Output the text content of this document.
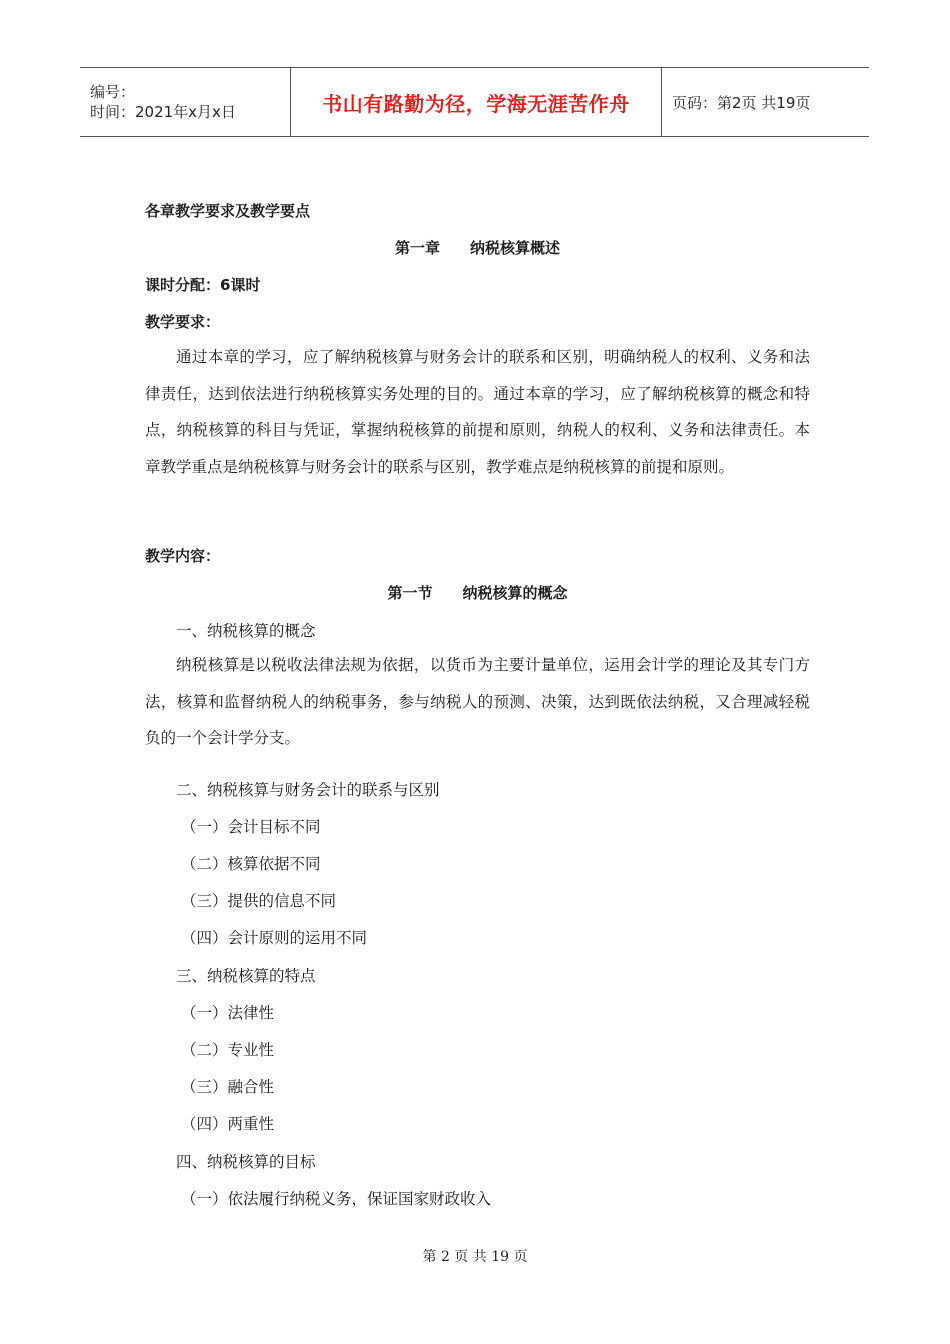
编号：
时间：2021年x月x日	书山有路勤为径，学海无涯苦作舟	页码：第2页 共19页
各章教学要求及教学要点
第一章　　纳税核算概述
课时分配：6课时
教学要求：
通过本章的学习，应了解纳税核算与财务会计的联系和区别，明确纳税人的权利、义务和法律责任，达到依法进行纳税核算实务处理的目的。通过本章的学习，应了解纳税核算的概念和特点，纳税核算的科目与凭证，掌握纳税核算的前提和原则，纳税人的权利、义务和法律责任。本章教学重点是纳税核算与财务会计的联系与区别，教学难点是纳税核算的前提和原则。
教学内容：
第一节　　纳税核算的概念
一、纳税核算的概念
纳税核算是以税收法律法规为依据，以货币为主要计量单位，运用会计学的理论及其专门方法，核算和监督纳税人的纳税事务，参与纳税人的预测、决策，达到既依法纳税，又合理减轻税负的一个会计学分支。
二、纳税核算与财务会计的联系与区别
（一）会计目标不同
（二）核算依据不同
（三）提供的信息不同
（四）会计原则的运用不同
三、纳税核算的特点
（一）法律性
（二）专业性
（三）融合性
（四）两重性
四、纳税核算的目标
（一）依法履行纳税义务，保证国家财政收入
第 2 页 共 19 页
